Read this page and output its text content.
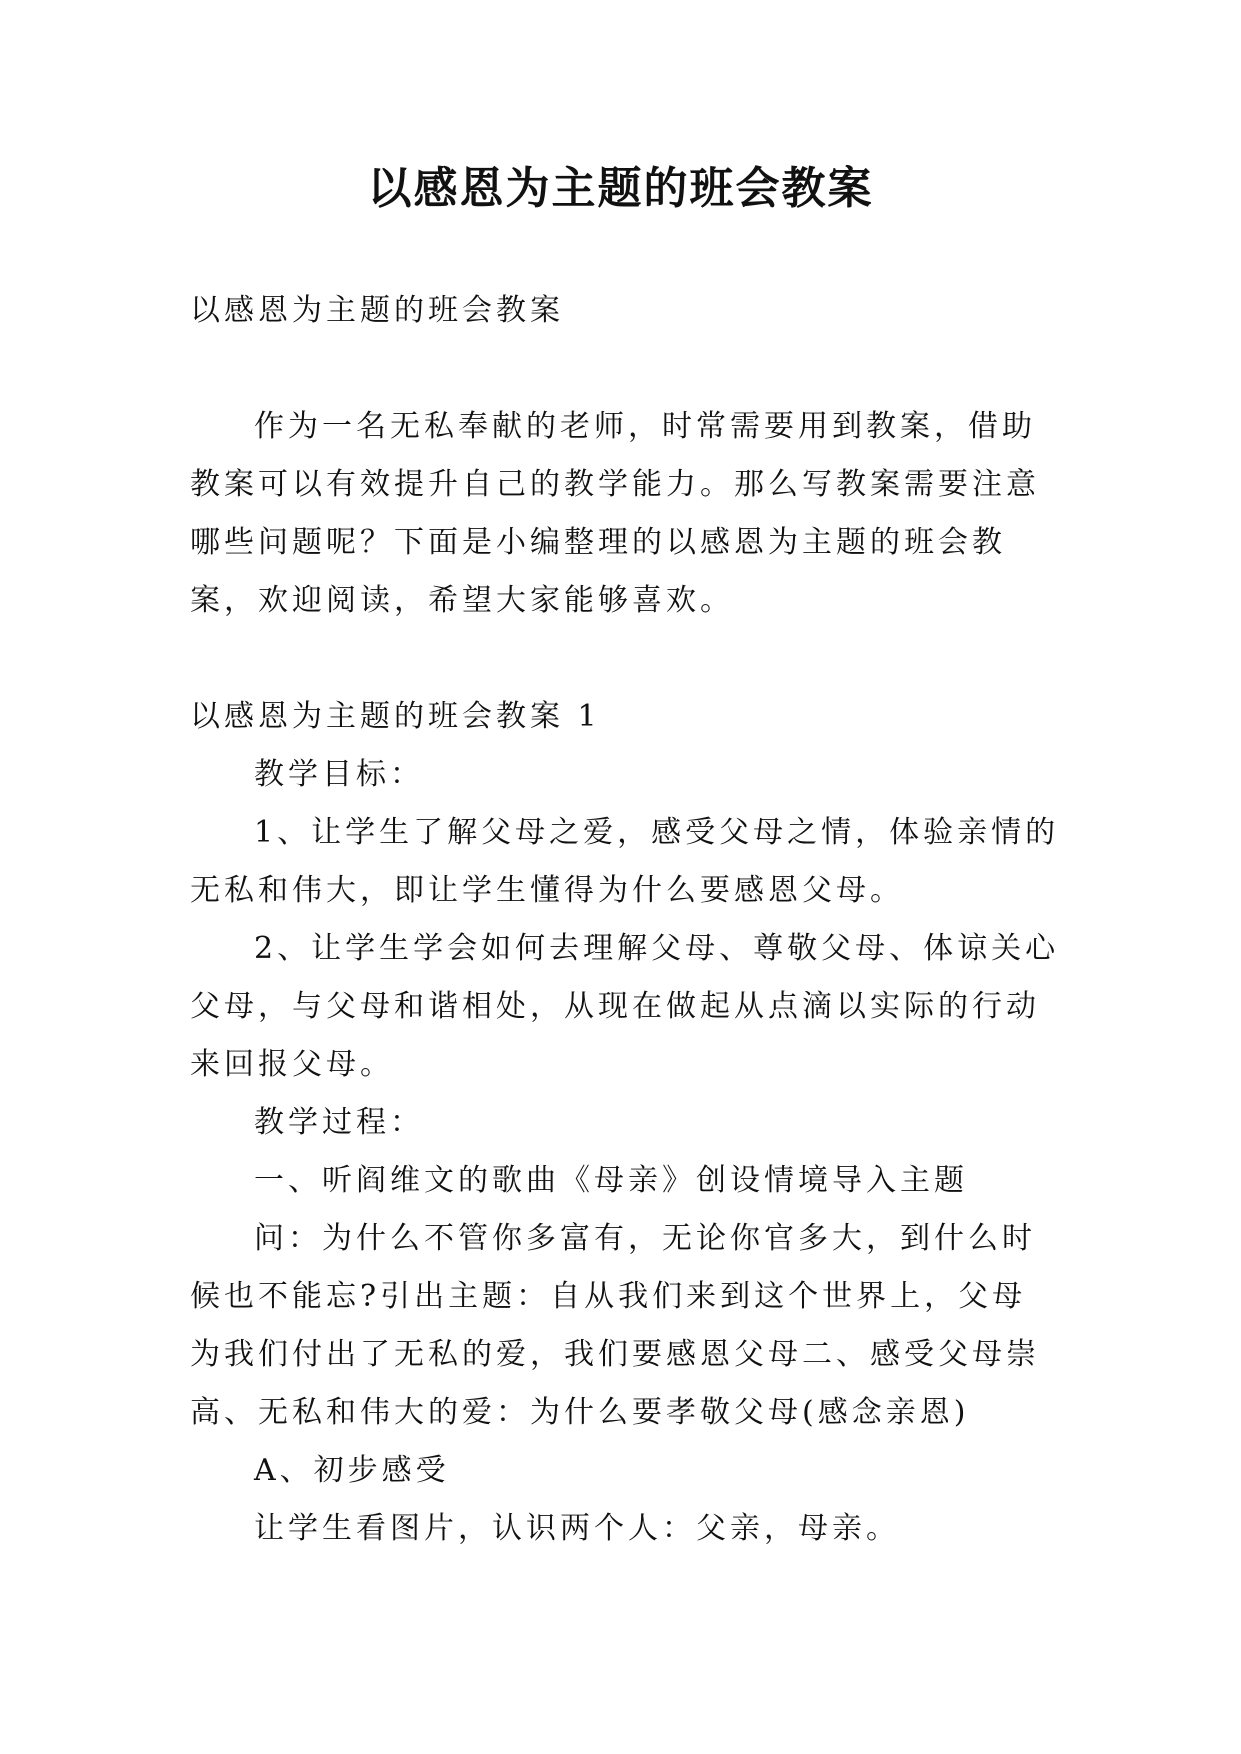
以感恩为主题的班会教案

以感恩为主题的班会教案

作为一名无私奉献的老师，时常需要用到教案，借助教案可以有效提升自己的教学能力。那么写教案需要注意哪些问题呢？下面是小编整理的以感恩为主题的班会教案，欢迎阅读，希望大家能够喜欢。

以感恩为主题的班会教案 1

教学目标：

1、让学生了解父母之爱，感受父母之情，体验亲情的无私和伟大，即让学生懂得为什么要感恩父母。

2、让学生学会如何去理解父母、尊敬父母、体谅关心父母，与父母和谐相处，从现在做起从点滴以实际的行动来回报父母。

教学过程：

一、听阎维文的歌曲《母亲》创设情境导入主题

问：为什么不管你多富有，无论你官多大，到什么时候也不能忘?引出主题：自从我们来到这个世界上，父母为我们付出了无私的爱，我们要感恩父母二、感受父母崇高、无私和伟大的爱：为什么要孝敬父母(感念亲恩)

A、初步感受

让学生看图片，认识两个人：父亲，母亲。
